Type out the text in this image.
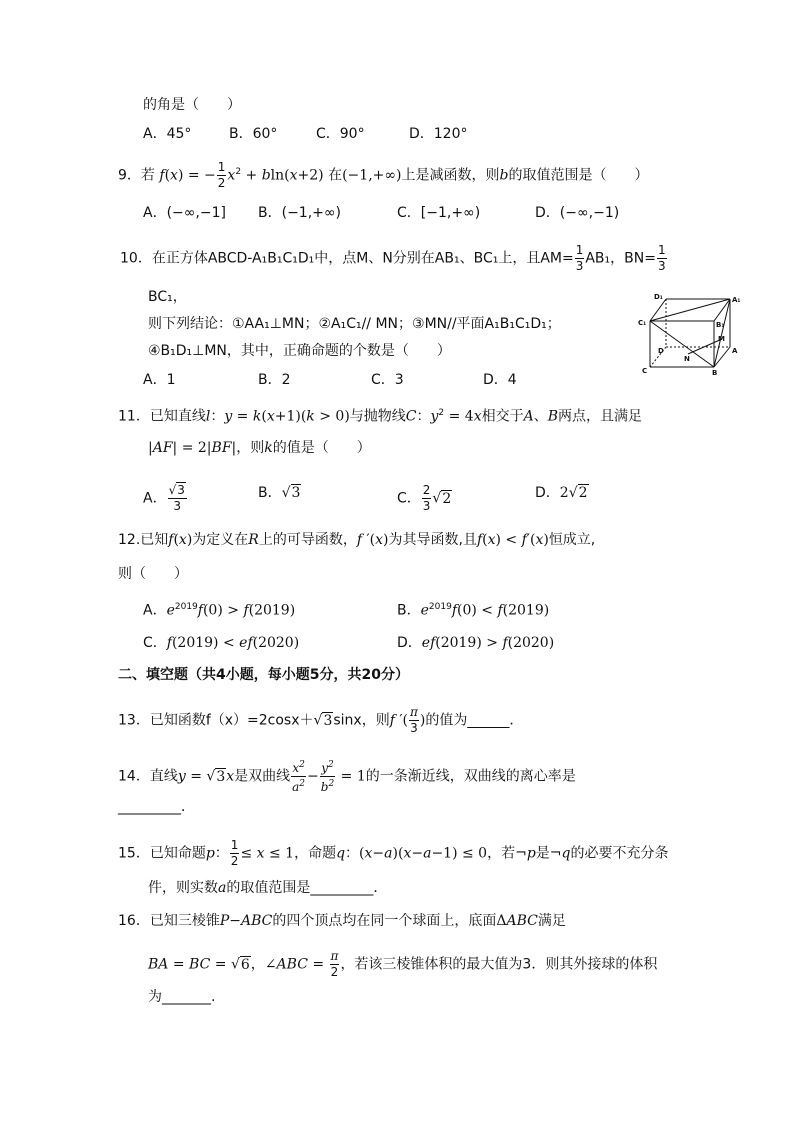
的角是（　　）
A．45°	B．60°	C．90°	D．120°
9．若 f(x) = − $\frac{1}{2} x^2 + bln(x+2)$ 在(−1,+∞)上是减函数，则b的取值范围是（　　）
A．(−∞,−1] B．(−1,+∞)	C．[−1,+∞)	D．(−∞,−1)
10．在正方体ABCD-A₁B₁C₁D₁中，点M、N分别在AB₁、BC₁上，且$AM= \frac{1}{3} AB_1$，$BN= \frac{1}{3}$
BC₁，
则下列结论：①AA₁⊥MN；②A₁C₁// MN；③MN//平面A₁B₁C₁D₁；
④B₁D₁⊥MN，其中，正确命题的个数是（　　）
A．1	B．2	C．3	D．4
D₁	A₁
C₁	B₁
D
M
N
A
C	B
11．已知直线l：y = k(x+1)(k > 0)与抛物线C：$y^2 = 4x$相交于A、B两点，且满足
|AF| = 2|BF|，则k的值是（　　）
A． $\frac{√3}{3}$	B．√3	C． $\frac{2}{3} √2$	D．2√2
12.已知f(x)为定义在R上的可导函数，f ′(x)为其导函数,且f(x) < f′(x)恒成立,
则（　　）
A．$e^{2019}f(0) > f(2019)$	B．$e^{2019}f(0) < f(2019)$
C．f(2019) < ef(2020)	D．ef(2019) > f(2020)
二、填空题（共4小题，每小题5分，共20分）
13．已知函数f（x）=2cosx＋√3sinx，则f ′( $\frac{\pi}{3}$ )的值为______．
14．直线y = √3x是双曲线 $\frac{x^2}{a^2} - \frac{y^2}{b^2} = 1$的一条渐近线，双曲线的离心率是
_________．
15．已知命题p： $\frac{1}{2} \le x \le 1$，命题q：(x−a)(x−a−1) ≤ 0，若¬p是¬q的必要不充分条
件，则实数a的取值范围是_________．
16．已知三棱锥P−ABC的四个顶点均在同一个球面上，底面ΔABC满足
BA = BC = √6，∠ABC = $\frac{\pi}{2}$ ，若该三棱锥体积的最大值为3．则其外接球的体积
为_______.
